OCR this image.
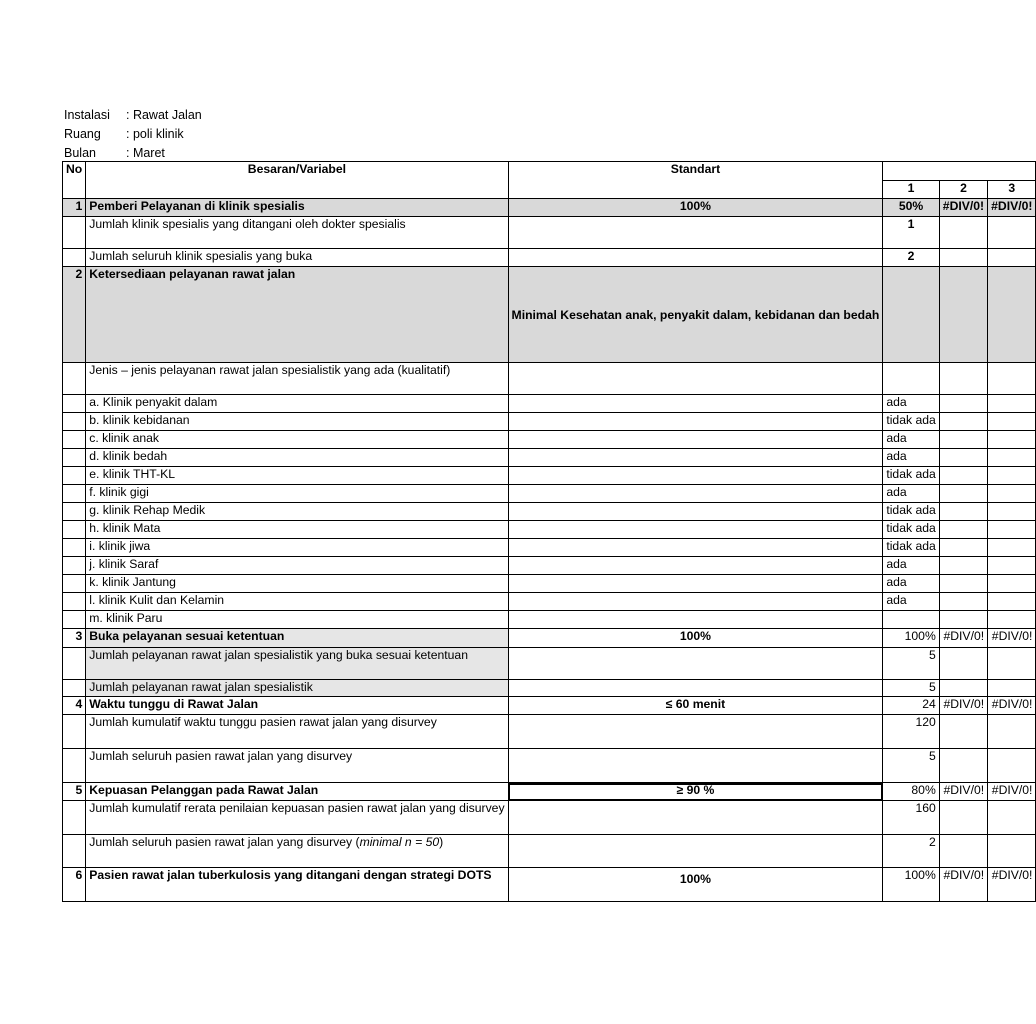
Instalasi : Rawat Jalan
Ruang : poli klinik
Bulan : Maret
No	Besaran/Variabel	Standart			
			1	2	3
1	Pemberi Pelayanan di klinik spesialis	100%	50%	#DIV/0!	#DIV/0!
	Jumlah klinik spesialis yang ditangani oleh dokter spesialis		1		
	Jumlah seluruh klinik spesialis yang buka		2		
2	Ketersediaan pelayanan rawat jalan	Minimal Kesehatan anak, penyakit dalam, kebidanan dan bedah			
	Jenis – jenis pelayanan rawat jalan spesialistik yang ada (kualitatif)				
	a. Klinik penyakit dalam		ada		
	b. klinik kebidanan		tidak ada		
	c. klinik anak		ada		
	d. klinik bedah		ada		
	e. klinik THT-KL		tidak ada		
	f. klinik gigi		ada		
	g. klinik Rehap Medik		tidak ada		
	h. klinik Mata		tidak ada		
	i. klinik jiwa		tidak ada		
	j. klinik Saraf		ada		
	k. klinik Jantung		ada		
	l. klinik Kulit dan Kelamin		ada		
	m. klinik Paru				
3	Buka pelayanan sesuai ketentuan	100%	100%	#DIV/0!	#DIV/0!
	Jumlah pelayanan rawat jalan spesialistik yang buka sesuai ketentuan		5		
	Jumlah pelayanan rawat jalan spesialistik		5		
4	Waktu tunggu di Rawat Jalan	≤ 60 menit	24	#DIV/0!	#DIV/0!
	Jumlah kumulatif waktu tunggu pasien rawat jalan yang disurvey		120		
	Jumlah seluruh pasien rawat jalan yang disurvey		5		
5	Kepuasan Pelanggan pada Rawat Jalan	≥ 90 %	80%	#DIV/0!	#DIV/0!
	Jumlah kumulatif rerata penilaian kepuasan pasien rawat jalan yang disurvey		160		
	Jumlah seluruh pasien rawat jalan yang disurvey (minimal n = 50)		2		
6	Pasien rawat jalan tuberkulosis yang ditangani dengan strategi DOTS	100%	100%	#DIV/0!	#DIV/0!
